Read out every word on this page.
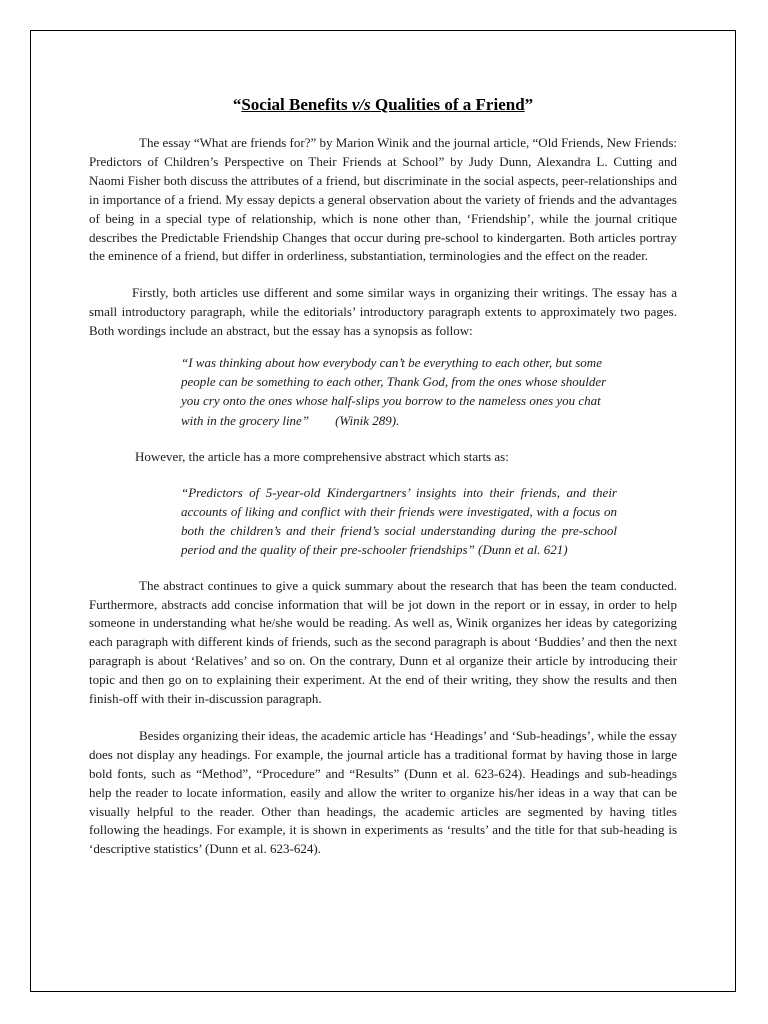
“Social Benefits v/s Qualities of a Friend”

The essay “What are friends for?” by Marion Winik and the journal article, “Old Friends, New Friends: Predictors of Children’s Perspective on Their Friends at School” by Judy Dunn, Alexandra L. Cutting and Naomi Fisher both discuss the attributes of a friend, but discriminate in the social aspects, peer-relationships and in importance of a friend. My essay depicts a general observation about the variety of friends and the advantages of being in a special type of relationship, which is none other than, ‘Friendship’, while the journal critique describes the Predictable Friendship Changes that occur during pre-school to kindergarten. Both articles portray the eminence of a friend, but differ in orderliness, substantiation, terminologies and the effect on the reader.

Firstly, both articles use different and some similar ways in organizing their writings. The essay has a small introductory paragraph, while the editorials’ introductory paragraph extents to approximately two pages. Both wordings include an abstract, but the essay has a synopsis as follow:

“I was thinking about how everybody can’t be everything to each other, but some people can be something to each other, Thank God, from the ones whose shoulder you cry onto the ones whose half-slips you borrow to the nameless ones you chat with in the grocery line” (Winik 289).

However, the article has a more comprehensive abstract which starts as:

“Predictors of 5-year-old Kindergartners’ insights into their friends, and their accounts of liking and conflict with their friends were investigated, with a focus on both the children’s and their friend’s social understanding during the pre-school period and the quality of their pre-schooler friendships” (Dunn et al. 621)

The abstract continues to give a quick summary about the research that has been the team conducted. Furthermore, abstracts add concise information that will be jot down in the report or in essay, in order to help someone in understanding what he/she would be reading. As well as, Winik organizes her ideas by categorizing each paragraph with different kinds of friends, such as the second paragraph is about ‘Buddies’ and then the next paragraph is about ‘Relatives’ and so on. On the contrary, Dunn et al organize their article by introducing their topic and then go on to explaining their experiment. At the end of their writing, they show the results and then finish-off with their in-discussion paragraph.

Besides organizing their ideas, the academic article has ‘Headings’ and ‘Sub-headings’, while the essay does not display any headings. For example, the journal article has a traditional format by having those in large bold fonts, such as “Method”, “Procedure” and “Results” (Dunn et al. 623-624). Headings and sub-headings help the reader to locate information, easily and allow the writer to organize his/her ideas in a way that can be visually helpful to the reader. Other than headings, the academic articles are segmented by having titles following the headings. For example, it is shown in experiments as ‘results’ and the title for that sub-heading is ‘descriptive statistics’ (Dunn et al. 623-624).
